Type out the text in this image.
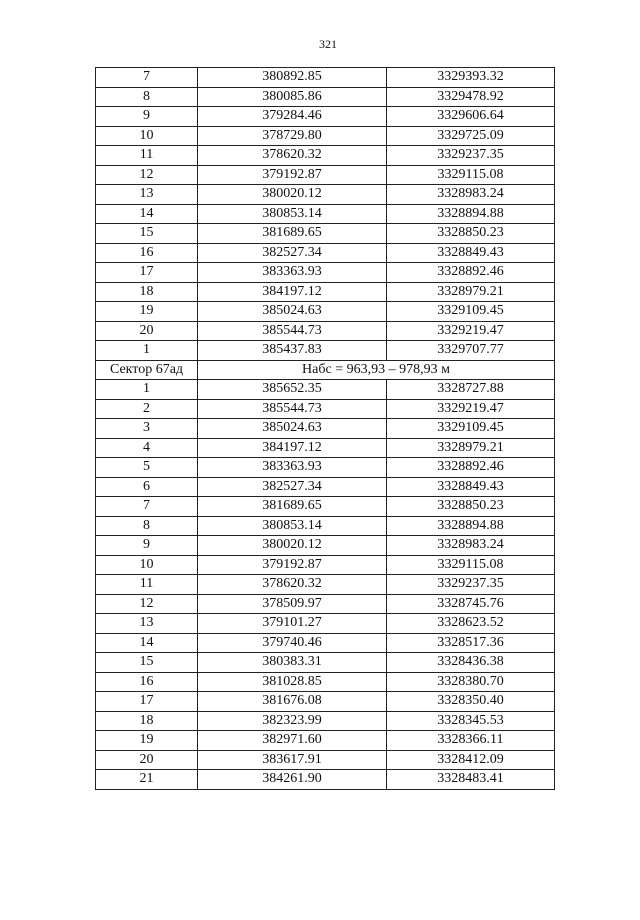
321
7	380892.85	3329393.32
8	380085.86	3329478.92
9	379284.46	3329606.64
10	378729.80	3329725.09
11	378620.32	3329237.35
12	379192.87	3329115.08
13	380020.12	3328983.24
14	380853.14	3328894.88
15	381689.65	3328850.23
16	382527.34	3328849.43
17	383363.93	3328892.46
18	384197.12	3328979.21
19	385024.63	3329109.45
20	385544.73	3329219.47
1	385437.83	3329707.77
Сектор 67ад	Набс = 963,93 – 978,93 м	
1	385652.35	3328727.88
2	385544.73	3329219.47
3	385024.63	3329109.45
4	384197.12	3328979.21
5	383363.93	3328892.46
6	382527.34	3328849.43
7	381689.65	3328850.23
8	380853.14	3328894.88
9	380020.12	3328983.24
10	379192.87	3329115.08
11	378620.32	3329237.35
12	378509.97	3328745.76
13	379101.27	3328623.52
14	379740.46	3328517.36
15	380383.31	3328436.38
16	381028.85	3328380.70
17	381676.08	3328350.40
18	382323.99	3328345.53
19	382971.60	3328366.11
20	383617.91	3328412.09
21	384261.90	3328483.41
